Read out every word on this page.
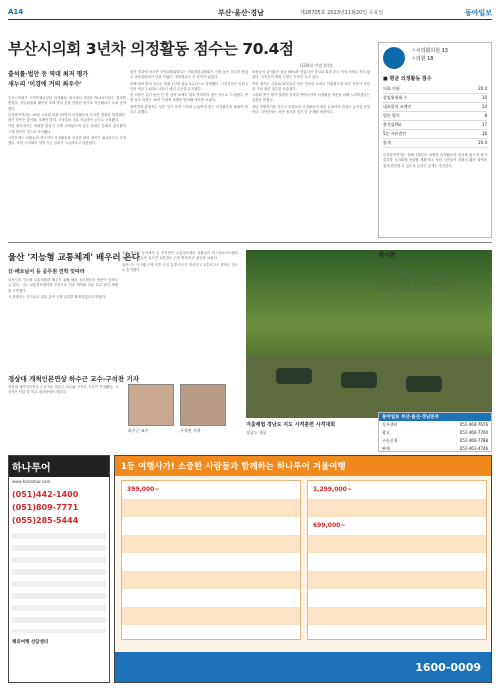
A14	부산·울산·경남	제28705호 2013년11월20일 수요일	동아일보
부산시의회 3년차 의정활동 점수는 70.4점
(100점 만점 환산)
출석률·법안 등 역대 최저 평가
새누리 '이경에 거의 최우수'

부산시의회가 시민단체로부터 의정활동 평가에서 3년차 70.4점이라는 결과를 받았다. 상임위원회 활동과 조례 발의 등을 종합한 평가로 지난해보다 소폭 낮아졌다.

부산참여연대는 19일 시의회 의원 47명의 의정활동을 분석한 결과를 발표했다. 평가 항목은 출석률, 조례안 발의, 시정질문, 5분 자유발언 등으로 구성됐다.

이번 평가에서는 의원별 편차가 크게 나타났으며 일부 의원은 본회의 출석률이 크게 떨어진 것으로 조사됐다.

시민단체는 의원들의 적극적인 의정활동과 성실한 회의 참여가 필요하다고 지적했다. 또한 시의회의 정책 기능 강화가 시급하다고 덧붙였다.

평가 결과에 따르면 상임위원회별로는 기획재경위원회가 가장 높은 점수를 받았고 교육위원회가 뒤를 이었다. 정당별로는 큰 차이가 없었다.

조례 대표 발의 건수는 의원 1인당 평균 3.2건으로 집계됐다. 시정질문은 의원 1인당 평균 1.4회로 나타나 예년 수준을 유지했다.

한 의원은 임기 동안 단 한 건의 조례도 대표 발의하지 않은 것으로 드러났다. 반면 일부 의원은 10건 이상의 조례를 발의해 대조를 보였다.

참여연대 관계자는 남은 임기 동안 시민의 눈높이에 맞는 의정활동을 펼쳐야 한다고 말했다.

의원들의 출석률은 평균 95%를 넘었지만 상임위 회의 중도 이석 사례도 적지 않았다. 시민들의 방청 신청도 꾸준히 늘고 있다.

이번 평가는 시의회 회의록과 의안 정보를 토대로 이뤄졌으며 외부 전문가 자문을 거쳐 최종 점수를 산출했다.

시의회 측은 평가 결과를 겸허히 받아들이며 의정활동 개선을 위해 노력하겠다는 입장을 밝혔다.

내년 지방선거를 앞두고 의원들의 의정활동에 대한 유권자의 관심도 높아질 전망이다. 시민단체는 최종 평가를 임기 말 공개할 예정이다.

ㅅ시의회의원 13
ㅅ의원 18
■ 평균 의정활동 점수
의회 의원	20.4
상임위원회 수	10
대표발의 조례안	14
법안 발의	8
출석률(%)	17
5분 자유발언	16
합계	20.4

부산참여연대는 올해 1월부터 의원별 의정활동을 점검해 왔으며 평가 결과를 시의회에 전달할 계획이다. 또한 시민들이 의원의 활동 내역을 쉽게 확인할 수 있도록 온라인 공개도 추진한다.

울산 '지능형 교통체계' 배우러 온다
日·베트남서 등 공무원 견학 잇따라

울산시의 지능형 교통체계를 배우기 위해 해외 공무원들의 방문이 잇따르고 있다. 시는 교통정보센터를 중심으로 신호 제어와 교통 흐름 관리 체계를 구축했다.

시 관계자는 앞으로도 교통 분야 국제 교류를 확대하겠다고 밝혔다.

일본 베트남 등지에서 온 견학단은 교통정보센터 상황실과 버스정보시스템을 둘러봤다. 이들은 실시간 교통정보 수집 방식에 큰 관심을 보였다.

울산시는 시스템 구축 이후 도심 통행 속도가 개선되고 교통사고도 줄어든 것으로 분석했다.

경상대 개척인본연상 하수근 교수-구석찬 기자

경상대 개척인본연상 수상자로 하수근 교수와 구석찬 기자가 선정됐다. 시상식은 이달 말 학교 대강당에서 열린다.

하수근 교수	구석찬 기자
겨울체험 경남도 지도 사격훈련 사격대회
경남도 제공
게시판

▽부산시는 이달 말까지 겨울철 안전점검을 실시한다. 대상은 공공시설과 다중이용시설이다.

▽울산 남구청은 연말 이웃돕기 성금 모금 행사를 연다.

▽경남도는 농촌 일손 돕기 자원봉사자를 모집한다.

▽부산 해운대구는 겨울 축제 준비 설명회를 개최한다.

▽울산 중구는 전통시장 활성화 행사를 진행한다.

동아일보 부산·울산·경남본부
독자센터	051-464-7676
광고	051-460-7700
구독신청	051-460-7788
판매	051-461-4746
하나투어
www.hanatour.com
(051)442-1400
(051)809-7771
(055)285-5444
해외여행 상담센터
1등 여행사가! 소중한 사람들과 함께하는 하나투어 겨울여행
399,000~	1,299,000~
699,000~
1600-0009
